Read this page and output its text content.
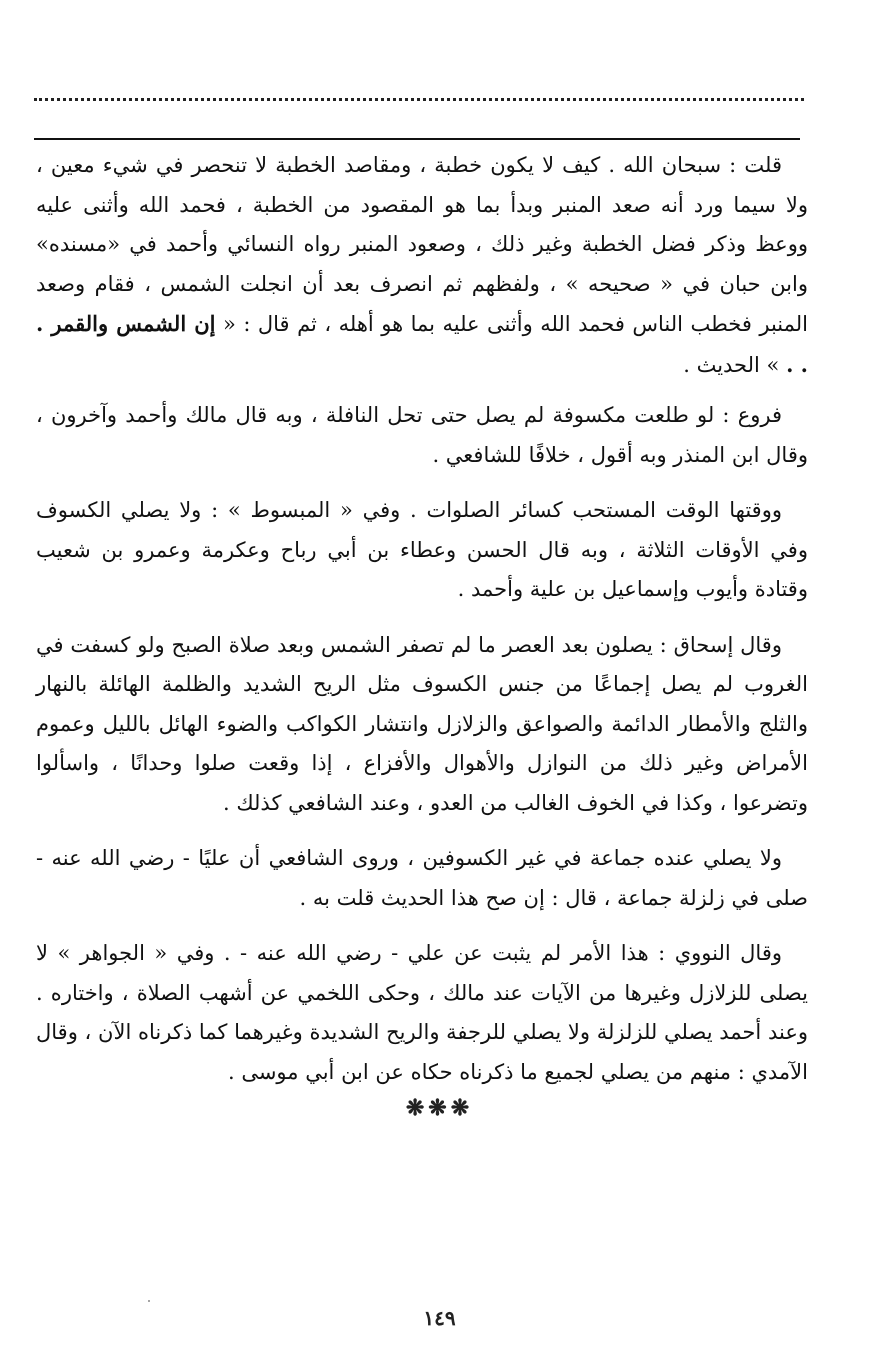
قلت : سبحان الله . كيف لا يكون خطبة ، ومقاصد الخطبة لا تنحصر في شيء معين ، ولا سيما ورد أنه صعد المنبر وبدأ بما هو المقصود من الخطبة ، فحمد الله وأثنى عليه ووعظ وذكر فضل الخطبة وغير ذلك ، وصعود المنبر رواه النسائي وأحمد في «مسنده» وابن حبان في « صحيحه » ، ولفظهم ثم انصرف بعد أن انجلت الشمس ، فقام وصعد المنبر فخطب الناس فحمد الله وأثنى عليه بما هو أهله ، ثم قال : « إن الشمس والقمر . . . » الحديث .

فروع : لو طلعت مكسوفة لم يصل حتى تحل النافلة ، وبه قال مالك وأحمد وآخرون ، وقال ابن المنذر وبه أقول ، خلافًا للشافعي .

ووقتها الوقت المستحب كسائر الصلوات . وفي « المبسوط » : ولا يصلي الكسوف وفي الأوقات الثلاثة ، وبه قال الحسن وعطاء بن أبي رباح وعكرمة وعمرو بن شعيب وقتادة وأيوب وإسماعيل بن علية وأحمد .

وقال إسحاق : يصلون بعد العصر ما لم تصفر الشمس وبعد صلاة الصبح ولو كسفت في الغروب لم يصل إجماعًا من جنس الكسوف مثل الريح الشديد والظلمة الهائلة بالنهار والثلج والأمطار الدائمة والصواعق والزلازل وانتشار الكواكب والضوء الهائل بالليل وعموم الأمراض وغير ذلك من النوازل والأهوال والأفزاع ، إذا وقعت صلوا وحدانًا ، واسألوا وتضرعوا ، وكذا في الخوف الغالب من العدو ، وعند الشافعي كذلك .

ولا يصلي عنده جماعة في غير الكسوفين ، وروى الشافعي أن عليًا - رضي الله عنه - صلى في زلزلة جماعة ، قال : إن صح هذا الحديث قلت به .

وقال النووي : هذا الأمر لم يثبت عن علي - رضي الله عنه - . وفي « الجواهر » لا يصلى للزلازل وغيرها من الآيات عند مالك ، وحكى اللخمي عن أشهب الصلاة ، واختاره . وعند أحمد يصلي للزلزلة ولا يصلي للرجفة والريح الشديدة وغيرهما كما ذكرناه الآن ، وقال الآمدي : منهم من يصلي لجميع ما ذكرناه حكاه عن ابن أبي موسى .

❋❋❋
١٤٩
